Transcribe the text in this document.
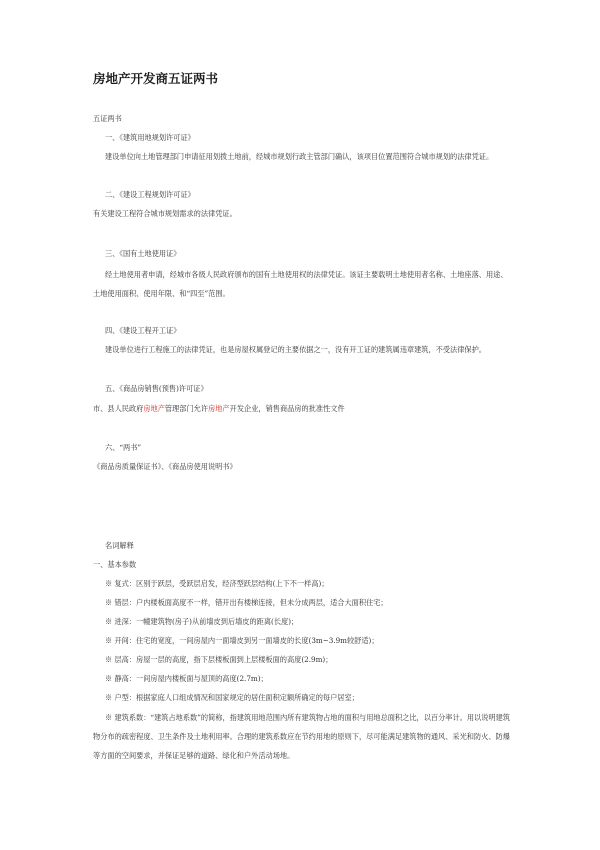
房地产开发商五证两书
五证两书
一、《建筑用地规划许可证》
建设单位向土地管理部门申请征用划拨土地前，经城市规划行政主管部门确认，该项目位置范围符合城市规划的法律凭证。
二、《建设工程规划许可证》
有关建设工程符合城市规划需求的法律凭证。
三、《国有土地使用证》
经土地使用者申请，经城市各级人民政府颁布的国有土地使用权的法律凭证。该证主要载明土地使用者名称、土地座落、用途、土地使用面积、使用年限、和“四至”范围。
四、《建设工程开工证》
建设单位进行工程施工的法律凭证，也是房屋权属登记的主要依据之一，没有开工证的建筑属违章建筑，不受法律保护。
五、《商品房销售(预售)许可证》
市、县人民政府房地产管理部门允许房地产开发企业，销售商品房的批准性文件
六、“两书”
《商品房质量保证书》、《商品房使用说明书》
名词解释
一、基本参数
※ 复式：区别于跃层，受跃层启发，经济型跃层结构(上下不一样高)；
※ 错层：户内楼板面高度不一样，错开出有楼梯连接，但未分成两层，适合大面积住宅；
※ 进深：一幢建筑物(房子)从前墙皮到后墙皮的距离(长度)；
※ 开间：住宅的宽度，一间房屋内一面墙皮到另一面墙皮的长度(3m~3.9m较舒适)；
※ 层高：房屋一层的高度，指下层楼板面到上层楼板面的高度(2.9m)；
※ 静高：一间房屋内楼板面与屋顶的高度(2.7m)；
※ 户型：根据家庭人口组成情况和国家规定的居住面积定额所确定的每户居室；
※ 建筑系数：“建筑占地系数”的简称，指建筑用地范围内所有建筑物占地的面积与用地总面积之比，以百分率计。用以说明建筑物分布的疏密程度、卫生条件及土地利用率。合理的建筑系数应在节约用地的原则下，尽可能满足建筑物的通风、采光和防火、防爆等方面的空间要求，并保证足够的道路、绿化和户外活动场地。
